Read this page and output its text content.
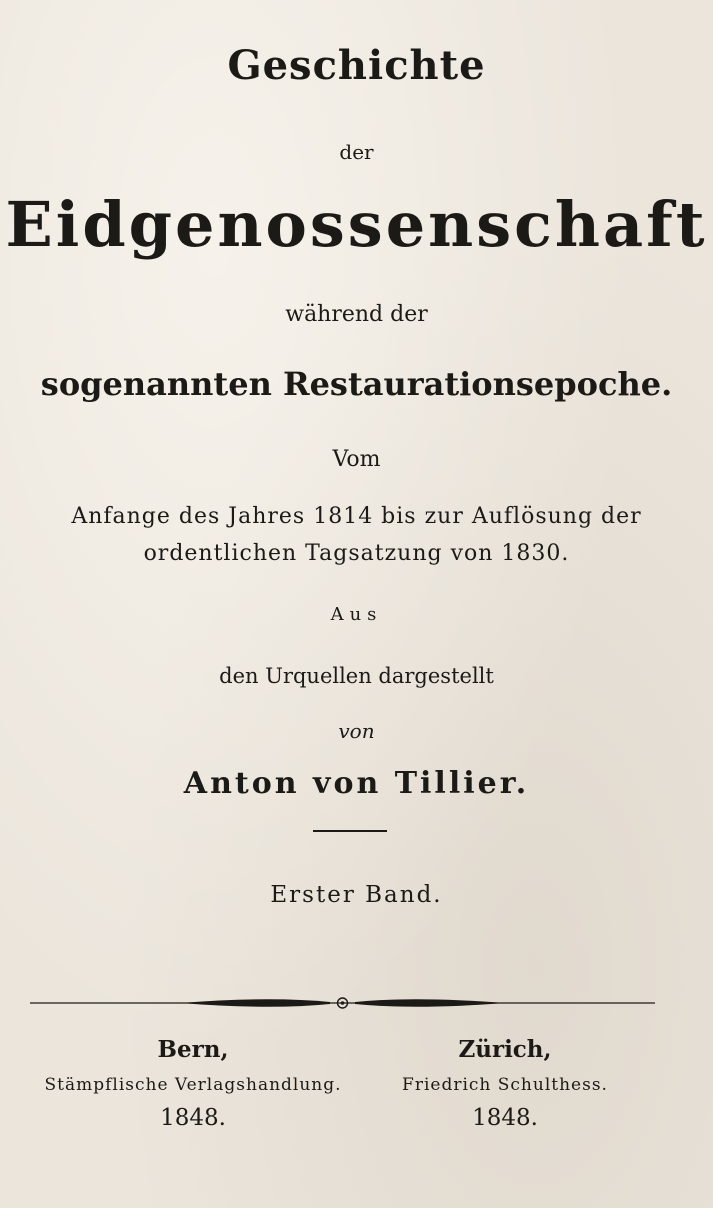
Geschichte
der
Eidgenossenschaft
während der
sogenannten Restaurationsepoche.
Vom
Anfange des Jahres 1814 bis zur Auflösung der
ordentlichen Tagsatzung von 1830.
Aus
den Urquellen dargestellt
von
Anton von Tillier.
Erster Band.
Bern,
Stämpflische Verlagshandlung.
1848.
Zürich,
Friedrich Schulthess.
1848.
